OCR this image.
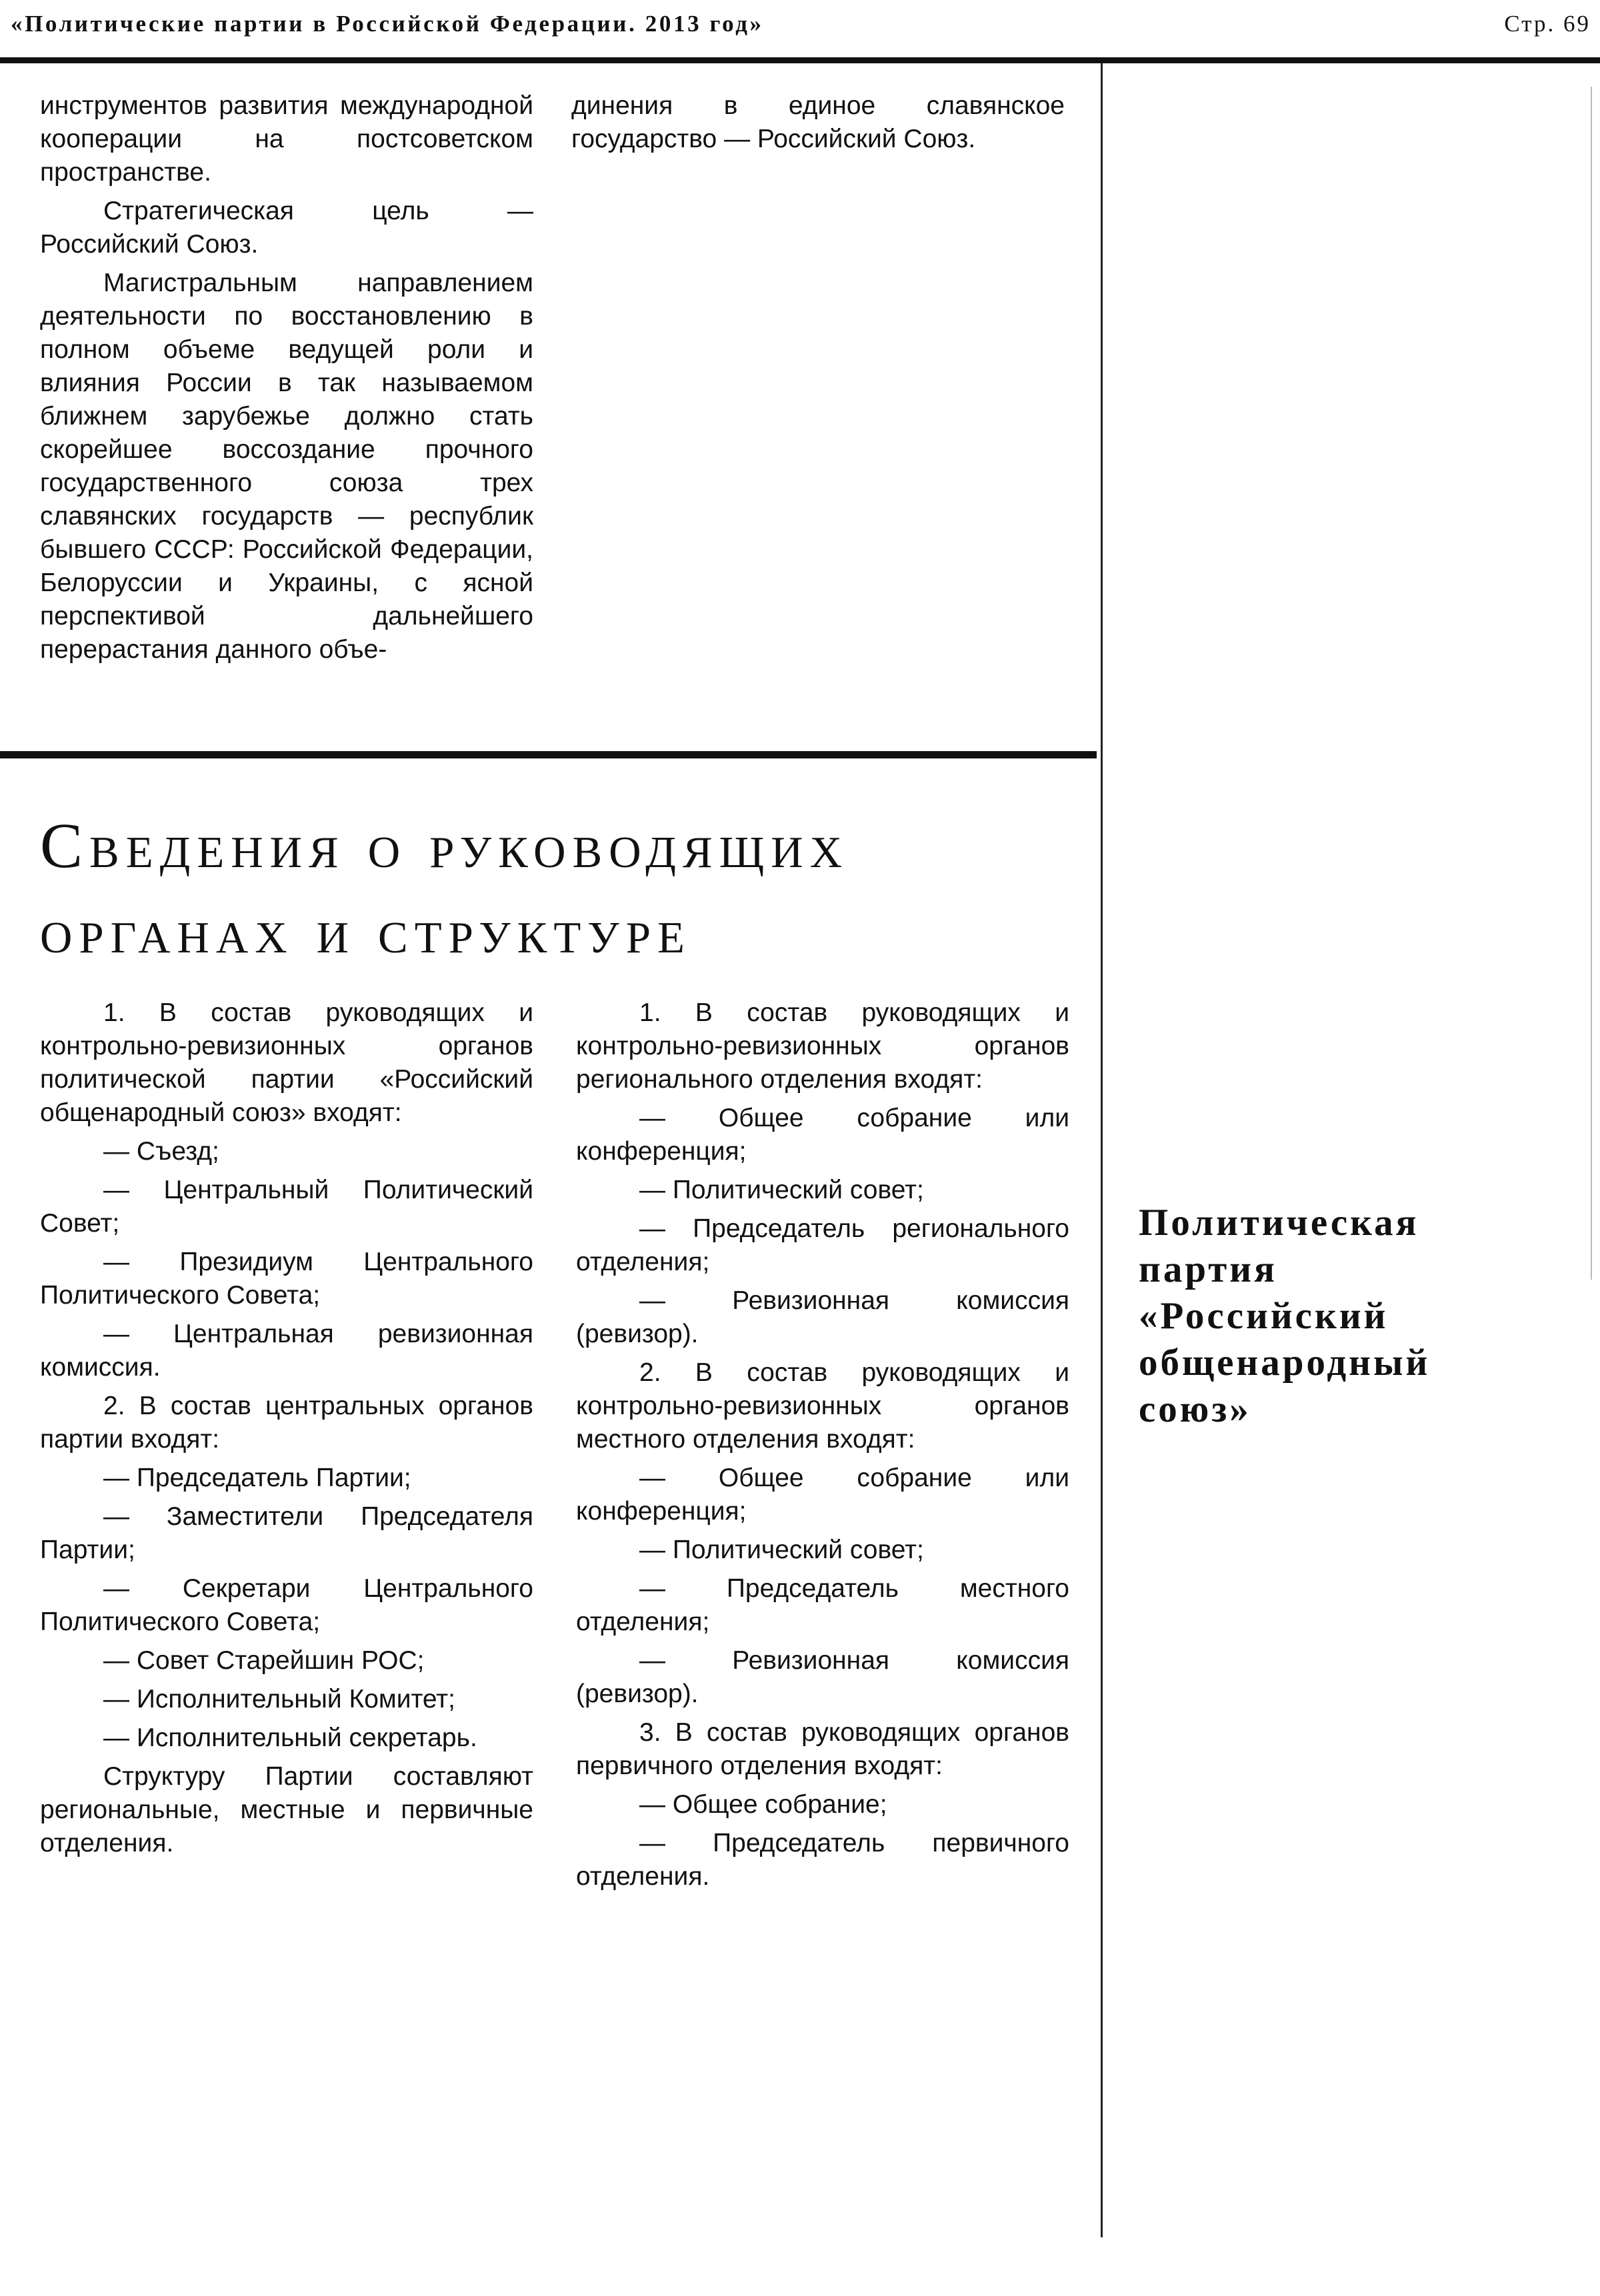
«Политические партии в Российской Федерации. 2013 год»	Стр. 69

инструментов развития международной кооперации на постсоветском пространстве.

Стратегическая цель — Российский Союз.

Магистральным направлением деятельности по восстановлению в полном объеме ведущей роли и влияния России в так называемом ближнем зарубежье должно стать скорейшее воссоздание прочного государственного союза трех славянских государств — республик бывшего СССР: Российской Федерации, Белоруссии и Украины, с ясной перспективой дальнейшего перерастания данного объе-

динения в единое славянское государство — Российский Союз.

Сведения о руководящих
органах и структуре

1. В состав руководящих и контрольно-ревизионных органов политической партии «Российский общенародный союз» входят:

— Съезд;

— Центральный Политический Совет;

— Президиум Центрального Политического Совета;

— Центральная ревизионная комиссия.

2. В состав центральных органов партии входят:

— Председатель Партии;

— Заместители Председателя Партии;

— Секретари Центрального Политического Совета;

— Совет Старейшин РОС;

— Исполнительный Комитет;

— Исполнительный секретарь.

Структуру Партии составляют региональные, местные и первичные отделения.

1. В состав руководящих и контрольно-ревизионных органов регионального отделения входят:

— Общее собрание или конференция;

— Политический совет;

— Председатель регионального отделения;

— Ревизионная комиссия (ревизор).

2. В состав руководящих и контрольно-ревизионных органов местного отделения входят:

— Общее собрание или конференция;

— Политический совет;

— Председатель местного отделения;

— Ревизионная комиссия (ревизор).

3. В состав руководящих органов первичного отделения входят:

— Общее собрание;

— Председатель первичного отделения.

Политическая
партия
«Российский
общенародный
союз»
